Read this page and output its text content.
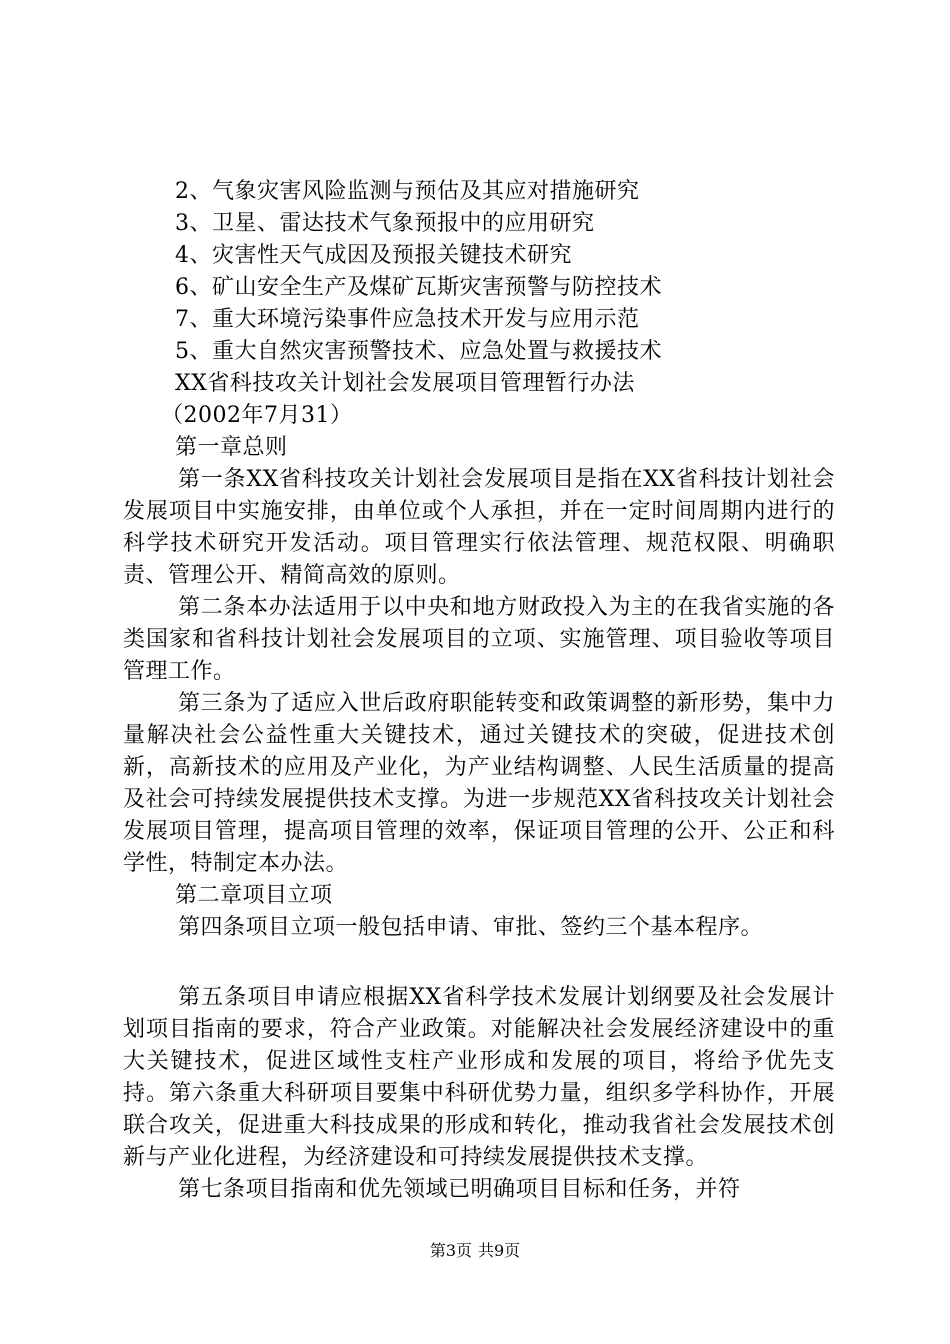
2、气象灾害风险监测与预估及其应对措施研究
3、卫星、雷达技术气象预报中的应用研究
4、灾害性天气成因及预报关键技术研究
6、矿山安全生产及煤矿瓦斯灾害预警与防控技术
7、重大环境污染事件应急技术开发与应用示范
5、重大自然灾害预警技术、应急处置与救援技术
XX省科技攻关计划社会发展项目管理暂行办法
（2002年7月31）
第一章总则

第一条XX省科技攻关计划社会发展项目是指在XX省科技计划社会发展项目中实施安排，由单位或个人承担，并在一定时间周期内进行的科学技术研究开发活动。项目管理实行依法管理、规范权限、明确职责、管理公开、精简高效的原则。

第二条本办法适用于以中央和地方财政投入为主的在我省实施的各类国家和省科技计划社会发展项目的立项、实施管理、项目验收等项目管理工作。

第三条为了适应入世后政府职能转变和政策调整的新形势，集中力量解决社会公益性重大关键技术，通过关键技术的突破，促进技术创新，高新技术的应用及产业化，为产业结构调整、人民生活质量的提高及社会可持续发展提供技术支撑。为进一步规范XX省科技攻关计划社会发展项目管理，提高项目管理的效率，保证项目管理的公开、公正和科学性，特制定本办法。

第二章项目立项
第四条项目立项一般包括申请、审批、签约三个基本程序。

第五条项目申请应根据XX省科学技术发展计划纲要及社会发展计划项目指南的要求，符合产业政策。对能解决社会发展经济建设中的重大关键技术，促进区域性支柱产业形成和发展的项目，将给予优先支持。第六条重大科研项目要集中科研优势力量，组织多学科协作，开展联合攻关，促进重大科技成果的形成和转化，推动我省社会发展技术创新与产业化进程，为经济建设和可持续发展提供技术支撑。

第七条项目指南和优先领域已明确项目目标和任务，并符

第3页 共9页
